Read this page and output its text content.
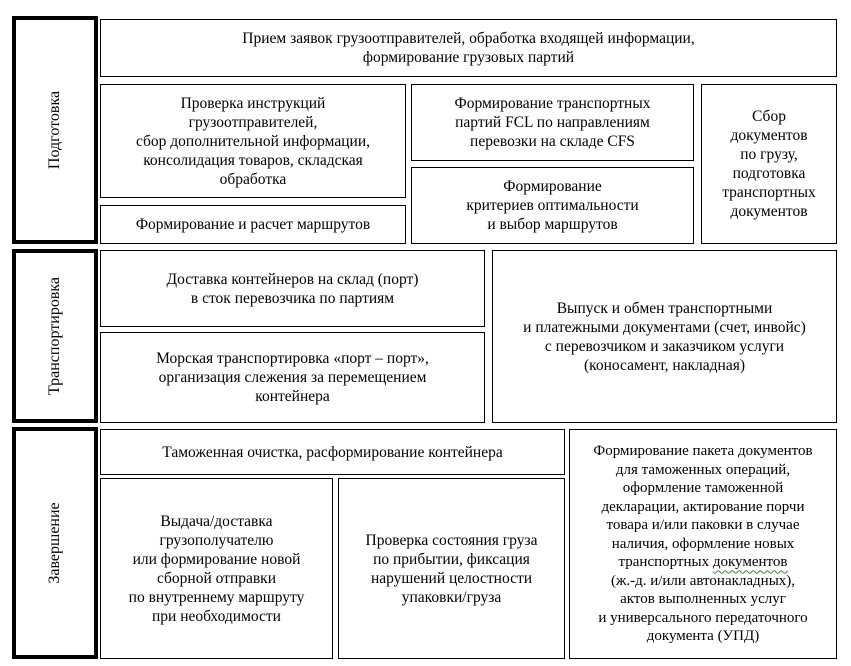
Подготовка
Транспортировка
Завершение
Прием заявок грузоотправителей, обработка входящей информации,
формирование грузовых партий
Проверка инструкций
грузоотправителей,
сбор дополнительной информации,
консолидация товаров, складская
обработка
Формирование и расчет маршрутов
Формирование транспортных
партий FCL по направлениям
перевозки на складе CFS
Формирование
критериев оптимальности
и выбор маршрутов
Сбор
документов
по грузу,
подготовка
транспортных
документов
Доставка контейнеров на склад (порт)
в сток перевозчика по партиям
Морская транспортировка «порт – порт»,
организация слежения за перемещением
контейнера
Выпуск и обмен транспортными
и платежными документами (счет, инвойс)
с перевозчиком и заказчиком услуги
(коносамент, накладная)
Таможенная очистка, расформирование контейнера
Выдача/доставка
грузополучателю
или формирование новой
сборной отправки
по внутреннему маршруту
при необходимости
Проверка состояния груза
по прибытии, фиксация
нарушений целостности
упаковки/груза
Формирование пакета документов
для таможенных операций,
оформление таможенной
декларации, актирование порчи
товара и/или паковки в случае
наличия, оформление новых
транспортных документов
(ж.-д. и/или автонакладных),
актов выполненных услуг
и универсального передаточного
документа (УПД)
